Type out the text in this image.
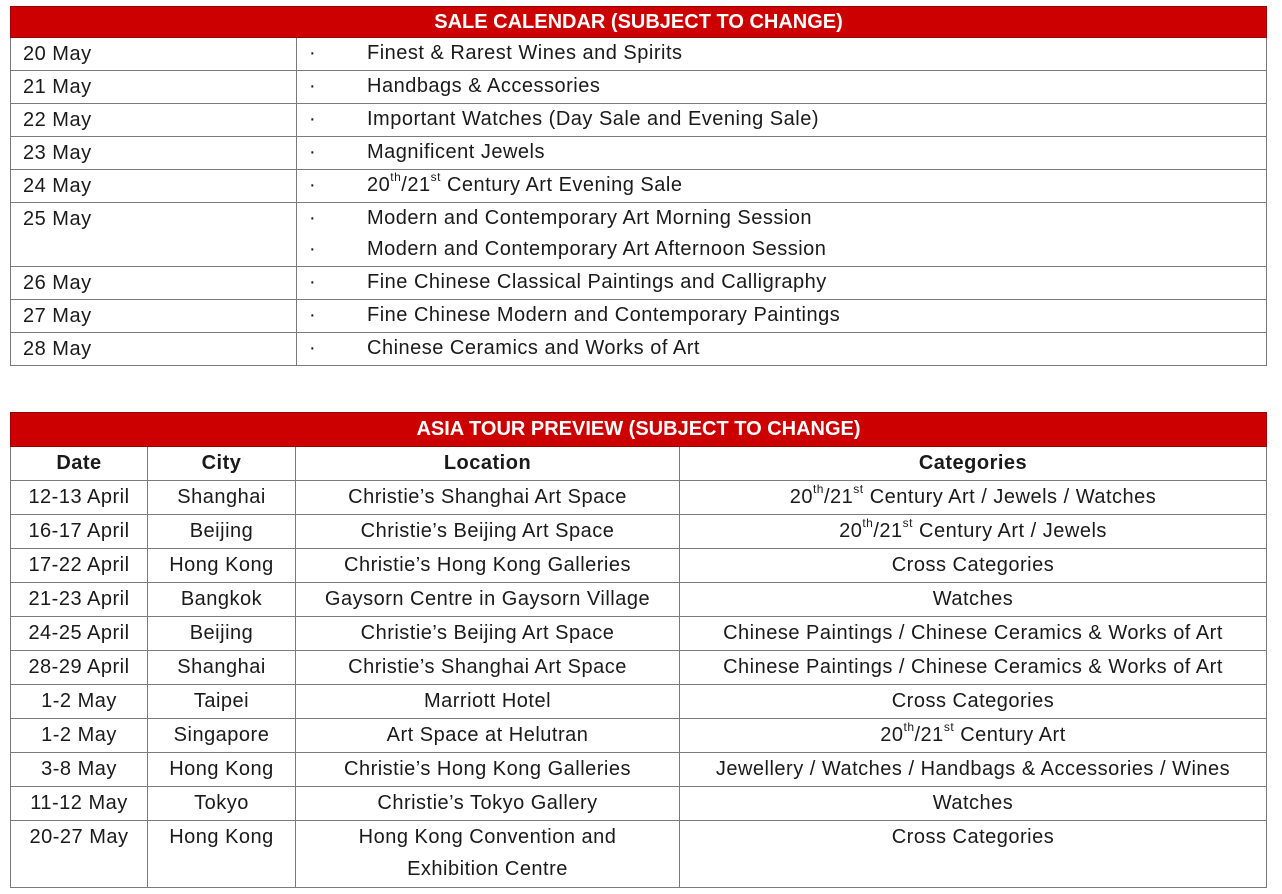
SALE CALENDAR (SUBJECT TO CHANGE)	
20 May	· Finest & Rarest Wines and Spirits

21 May	· Handbags & Accessories

22 May	· Important Watches (Day Sale and Evening Sale)

23 May	· Magnificent Jewels

24 May	· 20th/21st Century Art Evening Sale

25 May	· Modern and Contemporary Art Morning Session
· Modern and Contemporary Art Afternoon Session

26 May	· Fine Chinese Classical Paintings and Calligraphy

27 May	· Fine Chinese Modern and Contemporary Paintings

28 May	· Chinese Ceramics and Works of Art
ASIA TOUR PREVIEW (SUBJECT TO CHANGE)			
Date	City	Location	Categories
12-13 April	Shanghai	Christie’s Shanghai Art Space	20th/21st Century Art / Jewels / Watches
16-17 April	Beijing	Christie’s Beijing Art Space	20th/21st Century Art / Jewels
17-22 April	Hong Kong	Christie’s Hong Kong Galleries	Cross Categories
21-23 April	Bangkok	Gaysorn Centre in Gaysorn Village	Watches
24-25 April	Beijing	Christie’s Beijing Art Space	Chinese Paintings / Chinese Ceramics & Works of Art
28-29 April	Shanghai	Christie’s Shanghai Art Space	Chinese Paintings / Chinese Ceramics & Works of Art
1-2 May	Taipei	Marriott Hotel	Cross Categories
1-2 May	Singapore	Art Space at Helutran	20th/21st Century Art
3-8 May	Hong Kong	Christie’s Hong Kong Galleries	Jewellery / Watches / Handbags & Accessories / Wines
11-12 May	Tokyo	Christie’s Tokyo Gallery	Watches
20-27 May	Hong Kong	Hong Kong Convention and
Exhibition Centre	Cross Categories
